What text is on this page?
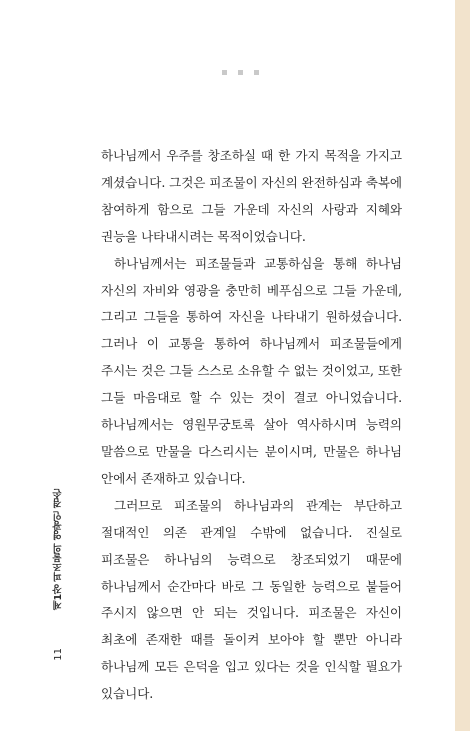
하나님께서 우주를 창조하실 때 한 가지 목적을 가지고 계셨습니다. 그것은 피조물이 자신의 완전하심과 축복에 참여하게 함으로 그들 가운데 자신의 사랑과 지혜와 권능을 나타내시려는 목적이었습니다.

하나님께서는 피조물들과 교통하심을 통해 하나님 자신의 자비와 영광을 충만히 베푸심으로 그들 가운데, 그리고 그들을 통하여 자신을 나타내기 원하셨습니다. 그러나 이 교통을 통하여 하나님께서 피조물들에게 주시는 것은 그들 스스로 소유할 수 없는 것이었고, 또한 그들 마음대로 할 수 있는 것이 결코 아니었습니다. 하나님께서는 영원무궁토록 살아 역사하시며 능력의 말씀으로 만물을 다스리시는 분이시며, 만물은 하나님 안에서 존재하고 있습니다.

그러므로 피조물의 하나님과의 관계는 부단하고 절대적인 의존 관계일 수밖에 없습니다. 진실로 피조물은 하나님의 능력으로 창조되었기 때문에 하나님께서 순간마다 바로 그 동일한 능력으로 붙들어 주시지 않으면 안 되는 것입니다. 피조물은 자신이 최초에 존재한 때를 돌이켜 보아야 할 뿐만 아니라 하나님께 모든 은덕을 입고 있다는 것을 인식할 필요가 있습니다.

제1장 피조물의 영광인 겸손
11
